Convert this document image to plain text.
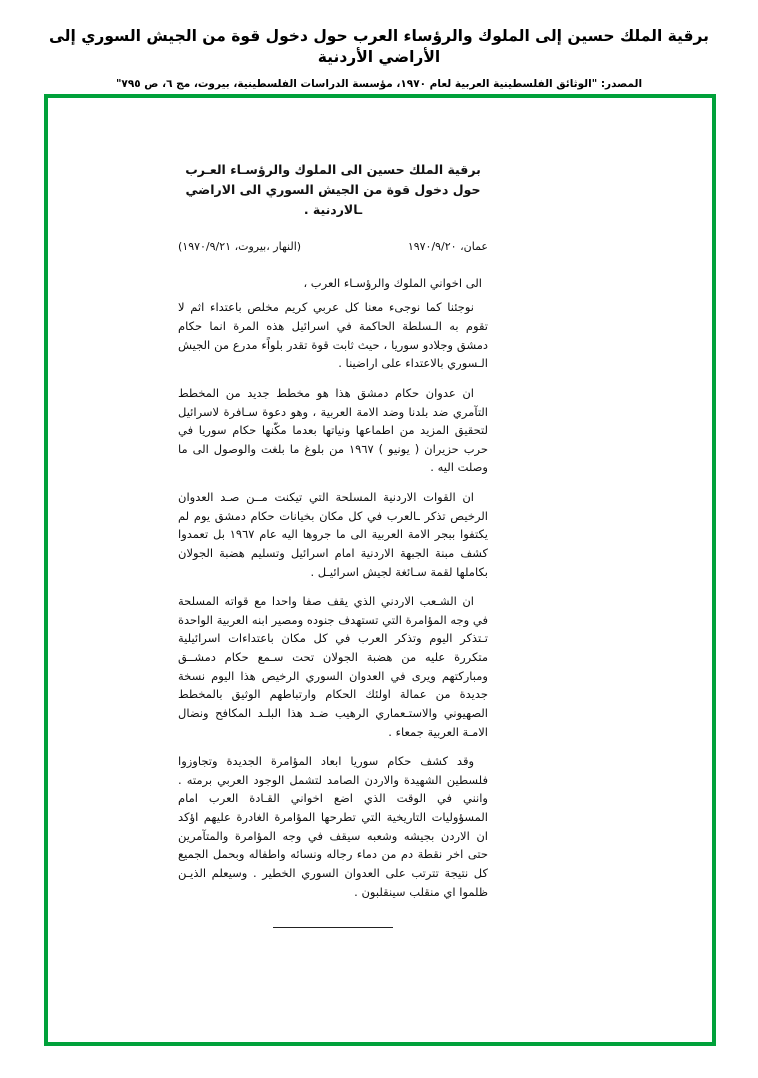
برقية الملك حسين إلى الملوك والرؤساء العرب حول دخول قوة من الجيش السوري إلى الأراضي الأردنية

المصدر: "الوثائق الفلسطينية العربية لعام ١٩٧٠، مؤسسة الدراسات الفلسطينية، بيروت، مج ٦، ص ٧٩٥"

برقية الملك حسين الى الملوك والرؤسـاء العـرب حول دخول قوة من الجيش السوري الى الاراضي ـالاردنية .
عمان، ١٩٧٠/٩/٢٠
(النهار ،بيروت، ١٩٧٠/٩/٢١)
الى اخواني الملوك والرؤسـاء العرب ،

نوجئنا كما نوجىء معنا كل عربي كريم مخلص باعتداء اثم لا تقوم به الـسلطة الحاكمة في اسرائيل هذه المرة انما حكام دمشق وجلادو سوريا ، حيث ثابت قوة تقدر بلواًء مدرع من الجيش الـسوري بالاعتداء على اراضينا .

ان عدوان حكام دمشق هذا هو مخطط جديد من المخطط التآمري ضد بلدنا وضد الامة العربية ، وهو دعوة سـافرة لاسرائيل لتحقيق المزيد من اطماعها ونياتها بعدما مكّنها حكام سوريا في حرب حزيران ( يونيو ) ١٩٦٧ من بلوغ ما بلغت والوصول الى ما وصلت اليه .

ان القوات الاردنية المسلحة التي تيكنت مــن صـد العدوان الرخيص تذكر ـالعرب في كل مكان بخيانات حكام دمشق يوم لم يكتفوا ببجر الامة العربية الى ما جروها اليه عام ١٩٦٧ بل تعمدوا كشف مبنة الجبهة الاردنية امام اسرائيل وتسليم هضبة الجولان بكاملها لقمة سـائغة لجيش اسرائيـل .

ان الشـعب الاردني الذي يقف صفا واحدا مع قواته المسلحة في وجه المؤامرة التي تستهدف جنوده ومصير ابنه العربية الواحدة تـتذكر اليوم وتذكر العرب في كل مكان باعتداءات اسرائيلية متكررة عليه من هضبة الجولان تحت سـمع حكام دمشــق ومباركتهم ويرى في العدوان السوري الرخيص هذا اليوم نسخة جديدة من عمالة اولئك الحكام وارتباطهم الوثيق بالمخطط الصهيوني والاستـعماري الرهيب ضـد هذا البلـد المكافح ونضال الامـة العربية جمعاء .

وقد كشف حكام سوريا ابعاد المؤامرة الجديدة وتجاوزوا فلسطين الشهيدة والاردن الصامد لتشمل الوجود العربي برمته . وانني في الوقت الذي اضع اخواني القـادة العرب امام المسؤوليات التاريخية التي تطرحها المؤامرة الغادرة عليهم اؤكد ان الاردن بجيشه وشعبه سيقف في وجه المؤامرة والمتآمرين حتى اخر نقطة دم من دماء رجاله ونسائه واطفاله وبحمل الجميع كل نتيجة تترتب على العدوان السوري الخطير . وسيعلم الذيـن ظلموا اي منقلب سينقلبون .
